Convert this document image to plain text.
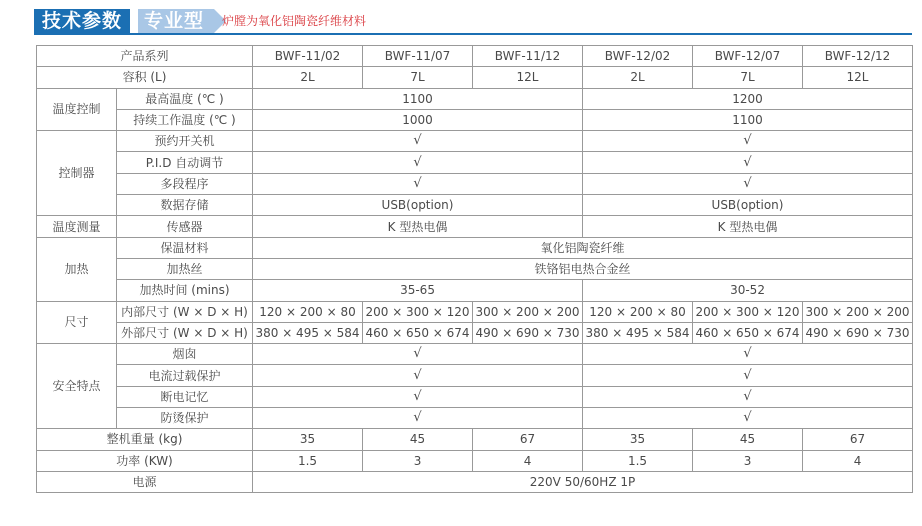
技术参数	专业型	炉膛为氧化铝陶瓷纤维材料
产品系列		BWF-11/02	BWF-11/07	BWF-11/12	BWF-12/02	BWF-12/07	BWF-12/12
容积 (L)		2L	7L	12L	2L	7L	12L
温度控制	最高温度 (℃ )	1100			1200		
	持续工作温度 (℃ )	1000			1100		
控制器	预约开关机	√			√		
	P.I.D 自动调节	√			√		
	多段程序	√			√		
	数据存储	USB(option)			USB(option)		
温度测量	传感器	K 型热电偶			K 型热电偶		
加热	保温材料	氧化铝陶瓷纤维					
	加热丝	铁铬铝电热合金丝					
	加热时间 (mins)	35-65			30-52		
尺寸	内部尺寸 (W × D × H)	120 × 200 × 80	200 × 300 × 120	300 × 200 × 200	120 × 200 × 80	200 × 300 × 120	300 × 200 × 200
	外部尺寸 (W × D × H)	380 × 495 × 584	460 × 650 × 674	490 × 690 × 730	380 × 495 × 584	460 × 650 × 674	490 × 690 × 730
安全特点	烟囱	√			√		
	电流过载保护	√			√		
	断电记忆	√			√		
	防烫保护	√			√		
整机重量 (kg)		35	45	67	35	45	67
功率 (KW)		1.5	3	4	1.5	3	4
电源		220V 50/60HZ 1P					
